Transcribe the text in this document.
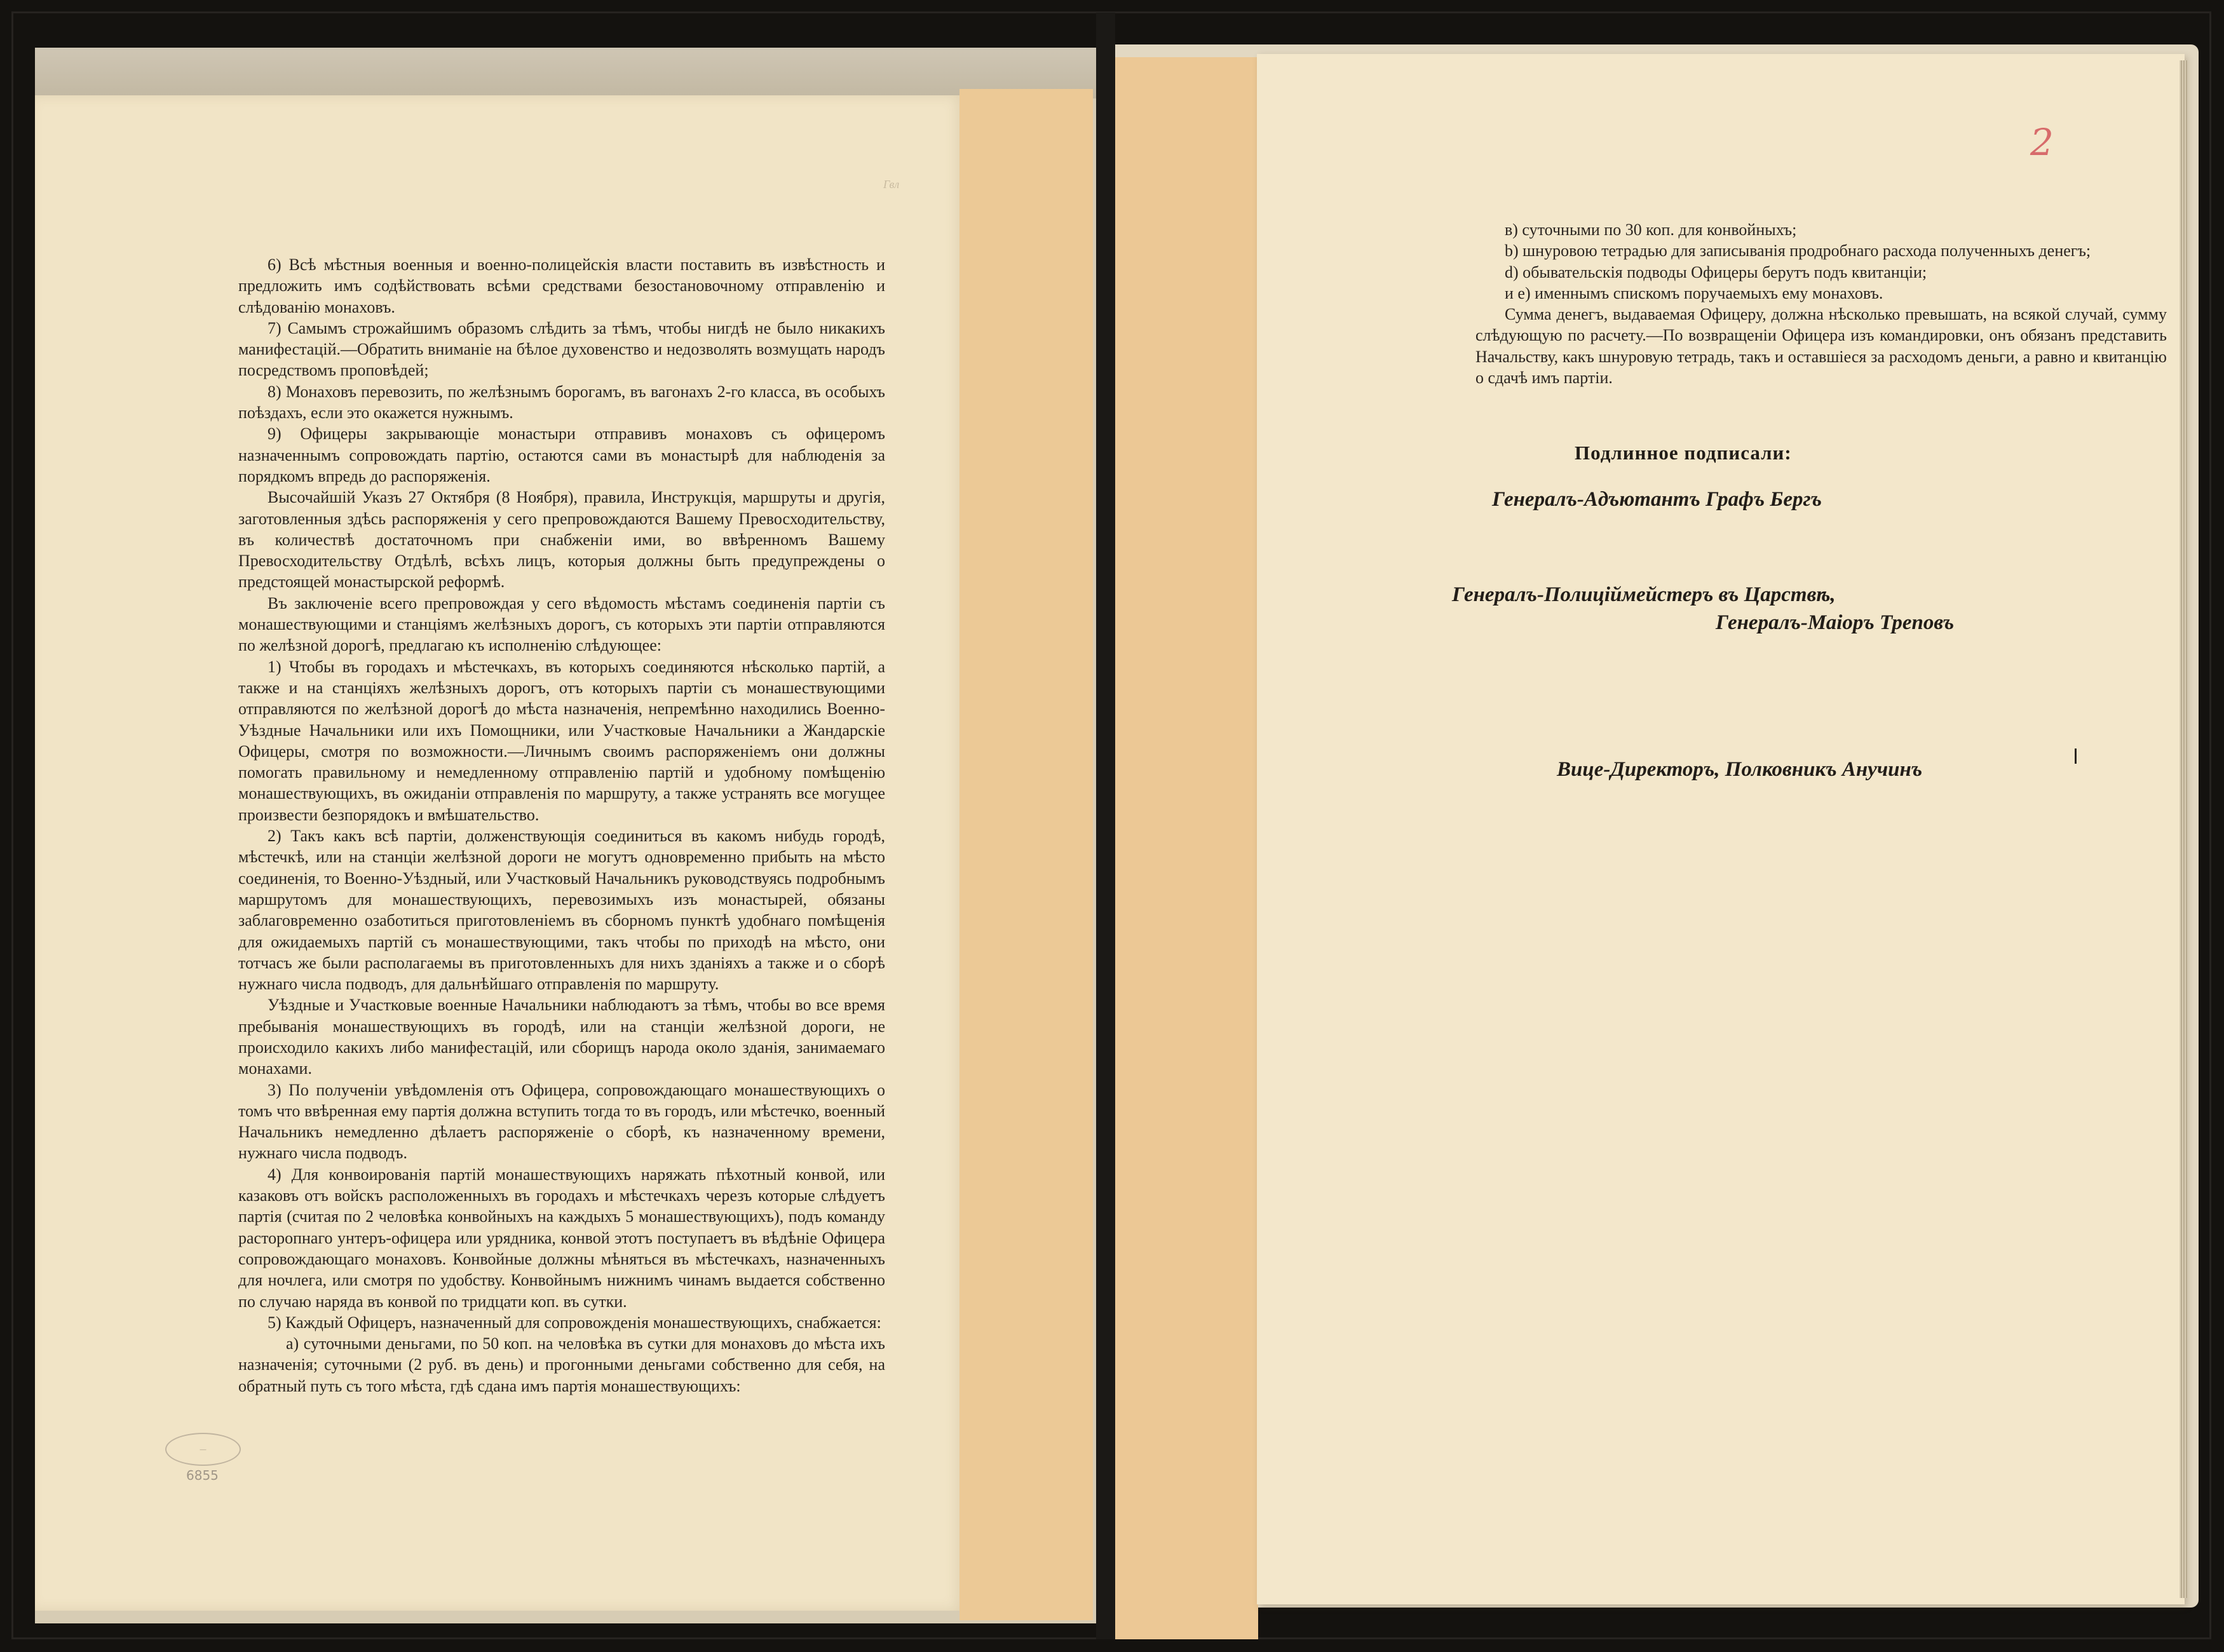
Гвл

6) Всѣ мѣстныя военныя и военно-полицейскія власти поставить въ извѣстность и предложить имъ содѣйствовать всѣми средствами безостановочному отправленію и слѣдованію монаховъ.

7) Самымъ строжайшимъ образомъ слѣдить за тѣмъ, чтобы нигдѣ не было никакихъ манифестацій.—Обратить вниманіе на бѣлое духовенство и недозволять возмущать народъ посредствомъ проповѣдей;

8) Монаховъ перевозить, по желѣзнымъ борогамъ, въ вагонахъ 2-го класса, въ особыхъ поѣздахъ, если это окажется нужнымъ.

9) Офицеры закрывающіе монастыри отправивъ монаховъ съ офицеромъ назначеннымъ сопровождать партію, остаются сами въ монастырѣ для наблюденія за порядкомъ впредь до распоряженія.

Высочайшій Указъ 27 Октября (8 Ноября), правила, Инструкція, маршруты и другія, заготовленныя здѣсь распоряженія у сего препровождаются Вашему Превосходительству, въ количествѣ достаточномъ при снабженіи ими, во ввѣренномъ Вашему Превосходительству Отдѣлѣ, всѣхъ лицъ, которыя должны быть предупреждены о предстоящей монастырской реформѣ.

Въ заключеніе всего препровождая у сего вѣдомость мѣстамъ соединенія партіи съ монашествующими и станціямъ желѣзныхъ дорогъ, съ которыхъ эти партіи отправляются по желѣзной дорогѣ, предлагаю къ исполненію слѣдующее:

1) Чтобы въ городахъ и мѣстечкахъ, въ которыхъ соединяются нѣсколько партій, а также и на станціяхъ желѣзныхъ дорогъ, отъ которыхъ партіи съ монашествующими отправляются по желѣзной дорогѣ до мѣста назначенія, непремѣнно находились Военно-Уѣздные Начальники или ихъ Помощники, или Участковые Начальники а Жандарскіе Офицеры, смотря по возможности.—Личнымъ своимъ распоряженіемъ они должны помогать правильному и немедленному отправленію партій и удобному помѣщенію монашествующихъ, въ ожиданіи отправленія по маршруту, а также устранять все могущее произвести безпорядокъ и вмѣшательство.

2) Такъ какъ всѣ партіи, долженствующія соединиться въ какомъ нибудь городѣ, мѣстечкѣ, или на станціи желѣзной дороги не могутъ одновременно прибыть на мѣсто соединенія, то Военно-Уѣздный, или Участковый Начальникъ руководствуясь подробнымъ маршрутомъ для монашествующихъ, перевозимыхъ изъ монастырей, обязаны заблаговременно озаботиться приготовленіемъ въ сборномъ пунктѣ удобнаго помѣщенія для ожидаемыхъ партій съ монашествующими, такъ чтобы по приходѣ на мѣсто, они тотчасъ же были располагаемы въ приготовленныхъ для нихъ зданіяхъ а также и о сборѣ нужнаго числа подводъ, для дальнѣйшаго отправленія по маршруту.

Уѣздные и Участковые военные Начальники наблюдаютъ за тѣмъ, чтобы во все время пребыванія монашествующихъ въ городѣ, или на станціи желѣзной дороги, не происходило какихъ либо манифестацій, или сборищъ народа около зданія, занимаемаго монахами.

3) По полученіи увѣдомленія отъ Офицера, сопровождающаго монашествующихъ о томъ что ввѣренная ему партія должна вступить тогда то въ городъ, или мѣстечко, военный Начальникъ немедленно дѣлаетъ распоряженіе о сборѣ, къ назначенному времени, нужнаго числа подводъ.

4) Для конвоированія партій монашествующихъ наряжать пѣхотный конвой, или казаковъ отъ войскъ расположенныхъ въ городахъ и мѣстечкахъ черезъ которые слѣдуетъ партія (считая по 2 человѣка конвойныхъ на каждыхъ 5 монашествующихъ), подъ команду расторопнаго унтеръ-офицера или урядника, конвой этотъ поступаетъ въ вѣдѣніе Офицера сопровождающаго монаховъ. Конвойные должны мѣняться въ мѣстечкахъ, назначенныхъ для ночлега, или смотря по удобству. Конвойнымъ нижнимъ чинамъ выдается собственно по случаю наряда въ конвой по тридцати коп. въ сутки.

5) Каждый Офицеръ, назначенный для сопровожденія монашествующихъ, снабжается:

а) суточными деньгами, по 50 коп. на человѣка въ сутки для монаховъ до мѣста ихъ назначенія; суточными (2 руб. въ день) и прогонными деньгами собственно для себя, на обратный путь съ того мѣста, гдѣ сдана имъ партія монашествующихъ:

—
6855
2

в) суточными по 30 коп. для конвойныхъ;

b) шнуровою тетрадью для записыванія продробнаго расхода полученныхъ денегъ;

d) обывательскія подводы Офицеры берутъ подъ квитанціи;

и e) именнымъ спискомъ поручаемыхъ ему монаховъ.

Сумма денегъ, выдаваемая Офицеру, должна нѣсколько превышать, на всякой случай, сумму слѣдующую по расчету.—По возвращеніи Офицера изъ командировки, онъ обязанъ представить Начальству, какъ шнуровую тетрадь, такъ и оставшіеся за расходомъ деньги, а равно и квитанцію о сдачѣ имъ партіи.

Подлинное подписали:
Генералъ-Адъютантъ Графъ Бергъ
Генералъ-Полиціймейстеръ въ Царствѣ,
Генералъ-Маіоръ Треповъ
Вице-Директоръ, Полковникъ Анучинъ
